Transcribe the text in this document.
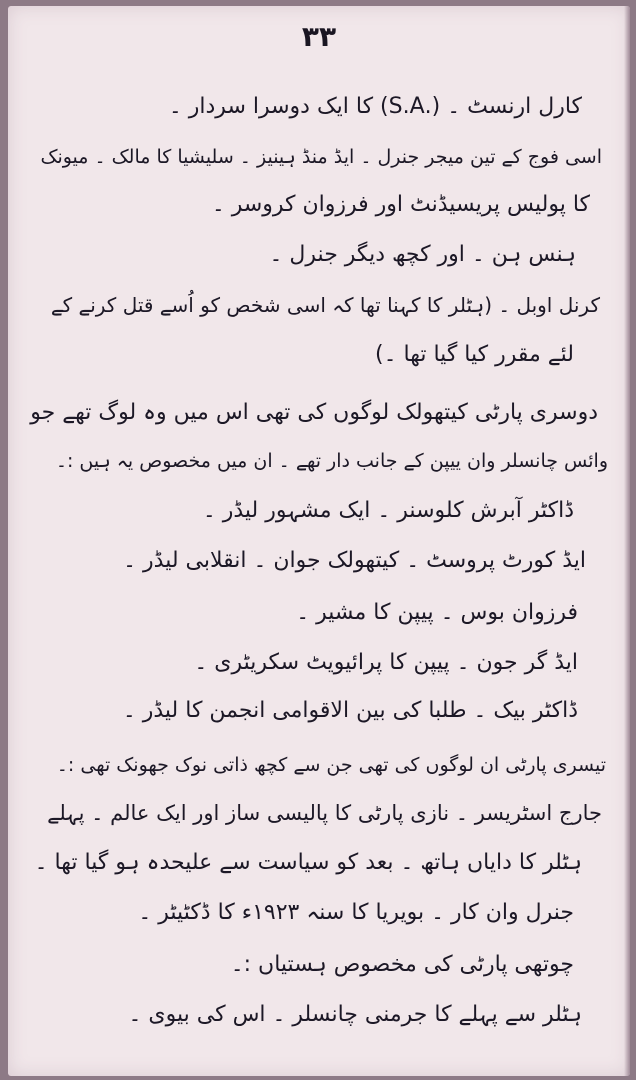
۳۳
کارل ارنسٹ ۔ (.S.A) کا ایک دوسرا سردار ۔
اسی فوج کے تین میجر جنرل ۔ ایڈ منڈ ہینیز ۔ سلیشیا کا مالک ۔ میونک
کا پولیس پریسیڈنٹ اور فرزوان کروسر ۔
ہنس ہن ۔ اور کچھ دیگر جنرل ۔
کرنل اوبل ۔ (ہٹلر کا کہنا تھا کہ اسی شخص کو اُسے قتل کرنے کے
لئے مقرر کیا گیا تھا ۔)
دوسری پارٹی کیتھولک لوگوں کی تھی اس میں وہ لوگ تھے جو
وائس چانسلر وان ییپن کے جانب دار تھے ۔ ان میں مخصوص یہ ہیں :۔
ڈاکٹر آبرش کلوسنر ۔ ایک مشہور لیڈر ۔
ایڈ کورٹ پروسٹ ۔ کیتھولک جوان ۔ انقلابی لیڈر ۔
فرزوان بوس ۔ پیپن کا مشیر ۔
ایڈ گر جون ۔ پیپن کا پرائیویٹ سکریٹری ۔
ڈاکٹر بیک ۔ طلبا کی بین الاقوامی انجمن کا لیڈر ۔
تیسری پارٹی ان لوگوں کی تھی جن سے کچھ ذاتی نوک جھونک تھی :۔
جارج اسٹریسر ۔ نازی پارٹی کا پالیسی ساز اور ایک عالم ۔ پہلے
ہٹلر کا دایاں ہاتھ ۔ بعد کو سیاست سے علیحدہ ہو گیا تھا ۔
جنرل وان کار ۔ بویریا کا سنہ ۱۹۲۳ء کا ڈکٹیٹر ۔
چوتھی پارٹی کی مخصوص ہستیاں :۔
ہٹلر سے پہلے کا جرمنی چانسلر ۔ اس کی بیوی ۔
